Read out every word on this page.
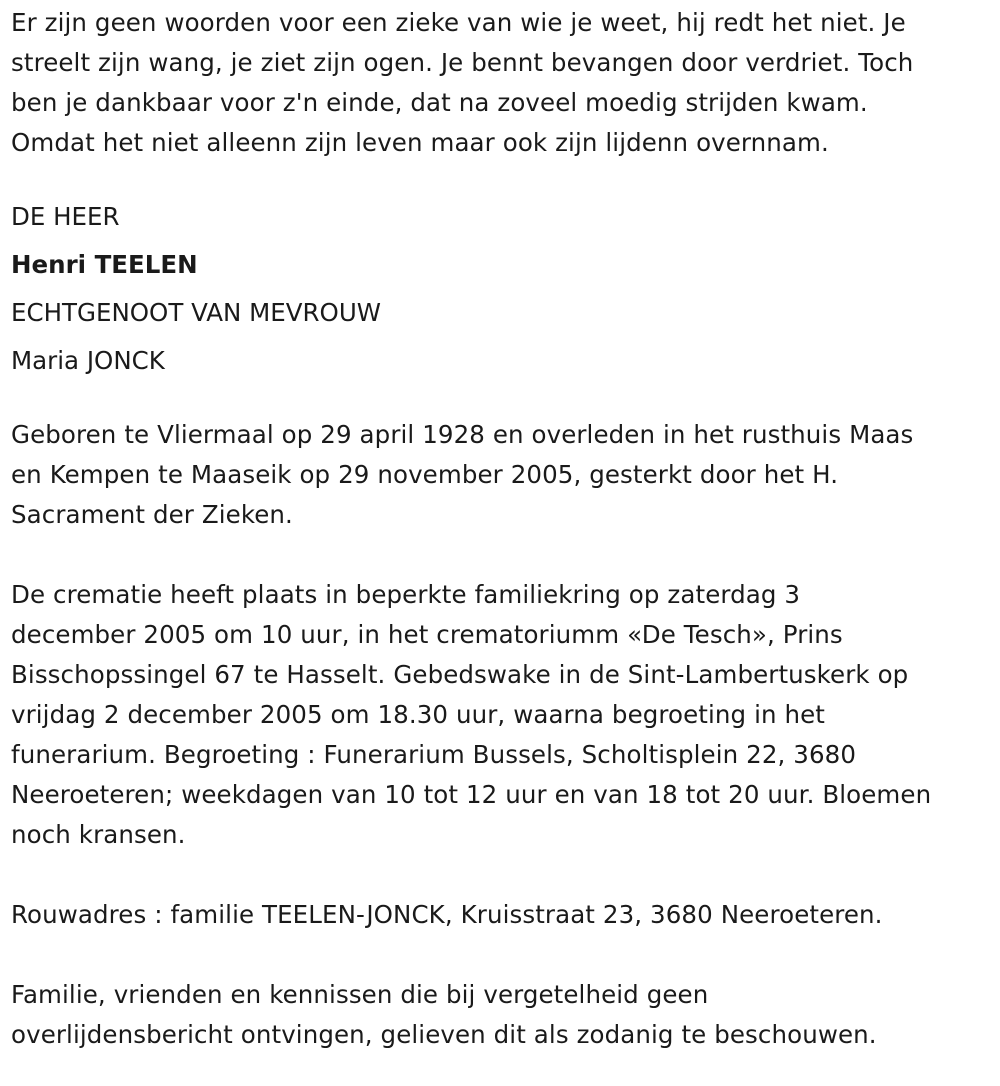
Er zijn geen woorden voor een zieke van wie je weet, hij redt het niet. Je
streelt zijn wang, je ziet zijn ogen. Je bennt bevangen door verdriet. Toch
ben je dankbaar voor z'n einde, dat na zoveel moedig strijden kwam.
Omdat het niet alleenn zijn leven maar ook zijn lijdenn overnnam.

DE HEER

Henri TEELEN

ECHTGENOOT VAN MEVROUW

Maria JONCK

Geboren te Vliermaal op 29 april 1928 en overleden in het rusthuis Maas
en Kempen te Maaseik op 29 november 2005, gesterkt door het H.
Sacrament der Zieken.

De crematie heeft plaats in beperkte familiekring op zaterdag 3
december 2005 om 10 uur, in het crematoriumm «De Tesch», Prins
Bisschopssingel 67 te Hasselt. Gebedswake in de Sint-Lambertuskerk op
vrijdag 2 december 2005 om 18.30 uur, waarna begroeting in het
funerarium. Begroeting : Funerarium Bussels, Scholtisplein 22, 3680
Neeroeteren; weekdagen van 10 tot 12 uur en van 18 tot 20 uur. Bloemen
noch kransen.

Rouwadres : familie TEELEN-JONCK, Kruisstraat 23, 3680 Neeroeteren.

Familie, vrienden en kennissen die bij vergetelheid geen
overlijdensbericht ontvingen, gelieven dit als zodanig te beschouwen.
